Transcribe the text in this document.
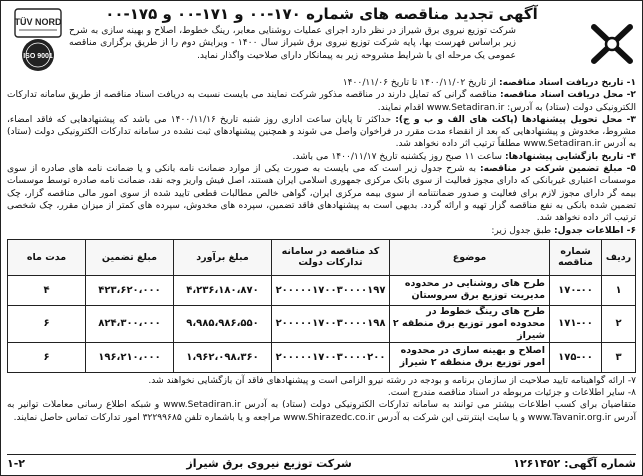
TÜV NORD
ISO 9001
آگهی تجدید مناقصه های شماره ۱۷۰-۰۰ و ۱۷۱-۰۰ و ۱۷۵-۰۰
شرکت توزیع نیروی برق شیراز در نظر دارد اجرای عملیات روشنایی معابر، رینگ خطوط، اصلاح و بهینه سازی به شرح زیر براساس فهرست بها، پایه شرکت توزیع نیروی برق شیراز سال ۱۴۰۰ - ویرایش دوم را از طریق برگزاری مناقصه عمومی یک مرحله ای با شرایط مشروحه زیر به پیمانکار دارای صلاحیت واگذار نماید.

۱- تاریخ دریافت اسناد مناقصه: از تاریخ ۱۴۰۰/۱۱/۰۲ تا تاریخ ۱۴۰۰/۱۱/۰۶

۲- محل دریافت اسناد مناقصه: مناقصه گرانی که تمایل دارند در مناقصه مذکور شرکت نمایند می بایست نسبت به دریافت اسناد مناقصه از طریق سامانه تدارکات الکترونیکی دولت (ستاد) به آدرس: www.Setadiran.ir اقدام نمایند.

۳- محل تحویل پیشنهادها (پاکت های الف و ب و ج): حداکثر تا پایان ساعت اداری روز شنبه تاریخ ۱۴۰۰/۱۱/۱۶ می باشد که پیشنهادهایی که فاقد امضاء، مشروط، مخدوش و پیشنهادهایی که بعد از انقضاء مدت مقرر در فراخوان واصل می شوند و همچنین پیشنهادهای ثبت نشده در سامانه تدارکات الکترونیکی دولت (ستاد) به آدرس www.Setadiran.ir مطلقاً ترتیب اثر داده نخواهد شد.

۴- تاریخ بازگشایی پیشنهادها: ساعت ۱۱ صبح روز یکشنبه تاریخ ۱۴۰۰/۱۱/۱۷ می باشد.

۵- مبلغ تضمین شرکت در مناقصه: به شرح جدول زیر است که می بایست به صورت یکی از موارد ضمانت نامه بانکی و یا ضمانت نامه های صادره از سوی موسسات اعتباری غیربانکی که دارای مجوز فعالیت از سوی بانک مرکزی جمهوری اسلامی ایران هستند، اصل فیش واریز وجه نقد، ضمانت نامه صادره توسط موسسات بیمه گر دارای مجوز لازم برای فعالیت و صدور ضمانتنامه از سوی بیمه مرکزی ایران، گواهی خالص مطالبات قطعی تایید شده از سوی امور مالی مناقصه گزار، چک تضمین شده بانکی به نفع مناقصه گزار تهیه و ارائه گردد. بدیهی است به پیشنهادهای فاقد تضمین، سپرده های مخدوش، سپرده های کمتر از میزان مقرر، چک شخصی ترتیب اثر داده نخواهد شد.

۶- اطلاعات جدول: طبق جدول زیر:

ردیف	شماره مناقصه	موضوع	کد مناقصه در سامانه تدارکات دولت	مبلغ برآورد	مبلغ تضمین	مدت ماه
۱	۱۷۰-۰۰	طرح های روشنایی در محدوده مدیریت توزیع برق سروستان	۲۰۰۰۰۰۱۷۰۰۳۰۰۰۰۱۹۷	۴،۲۳۶،۱۸۰،۸۷۰	۴۲۳،۶۲۰،۰۰۰	۴
۲	۱۷۱-۰۰	طرح های رینگ خطوط در محدوده امور توزیع برق منطقه ۲ شیراز	۲۰۰۰۰۰۱۷۰۰۳۰۰۰۰۱۹۸	۹،۹۸۵،۹۸۶،۵۵۰	۸۲۴،۳۰۰،۰۰۰	۶
۳	۱۷۵-۰۰	اصلاح و بهینه سازی در محدوده امور توزیع برق منطقه ۲ شیراز	۲۰۰۰۰۰۱۷۰۰۳۰۰۰۰۲۰۰	۱،۹۶۲،۰۹۸،۳۶۰	۱۹۶،۲۱۰،۰۰۰	۶

۷- ارائه گواهینامه تایید صلاحیت از سازمان برنامه و بودجه در رشته نیرو الزامی است و پیشنهادهای فاقد آن بازگشایی نخواهند شد.

۸- سایر اطلاعات و جزئیات مربوطه در اسناد مناقصه مندرج است.

متقاضیان برای کسب اطلاعات بیشتر می توانند به سامانه تدارکات الکترونیکی دولت (ستاد) به آدرس www.Setadiran.ir و شبکه اطلاع رسانی معاملات توانیر به آدرس www.Tavanir.org.ir و یا سایت اینترنتی این شرکت به آدرس www.Shirazedc.co.ir مراجعه و یا باشماره تلفن ۳۲۲۹۹۶۸۵ امور تدارکات تماس حاصل نمایند.

شماره آگهی: ۱۲۶۱۴۵۲
شرکت توزیع نیروی برق شیراز
۱-۲
